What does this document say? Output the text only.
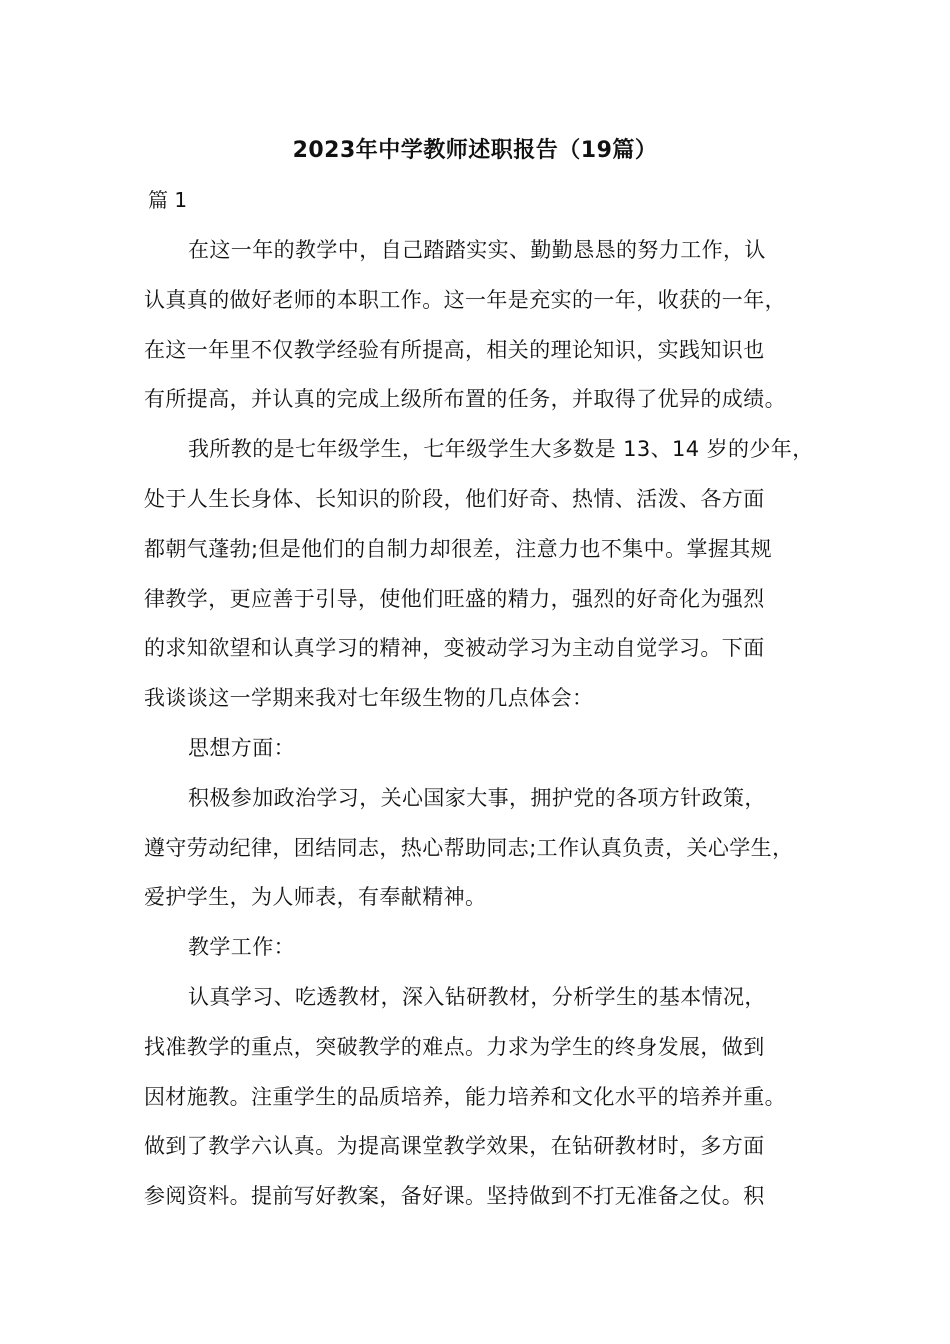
2023年中学教师述职报告（19篇）
篇 1
在这一年的教学中，自己踏踏实实、勤勤恳恳的努力工作，认
认真真的做好老师的本职工作。这一年是充实的一年，收获的一年，
在这一年里不仅教学经验有所提高，相关的理论知识，实践知识也
有所提高，并认真的完成上级所布置的任务，并取得了优异的成绩。
我所教的是七年级学生，七年级学生大多数是 13、14 岁的少年，
处于人生长身体、长知识的阶段，他们好奇、热情、活泼、各方面
都朝气蓬勃;但是他们的自制力却很差，注意力也不集中。掌握其规
律教学，更应善于引导，使他们旺盛的精力，强烈的好奇化为强烈
的求知欲望和认真学习的精神，变被动学习为主动自觉学习。下面
我谈谈这一学期来我对七年级生物的几点体会：
思想方面：
积极参加政治学习，关心国家大事，拥护党的各项方针政策，
遵守劳动纪律，团结同志，热心帮助同志;工作认真负责，关心学生，
爱护学生，为人师表，有奉献精神。
教学工作：
认真学习、吃透教材，深入钻研教材，分析学生的基本情况，
找准教学的重点，突破教学的难点。力求为学生的终身发展，做到
因材施教。注重学生的品质培养，能力培养和文化水平的培养并重。
做到了教学六认真。为提高课堂教学效果，在钻研教材时，多方面
参阅资料。提前写好教案，备好课。坚持做到不打无准备之仗。积
